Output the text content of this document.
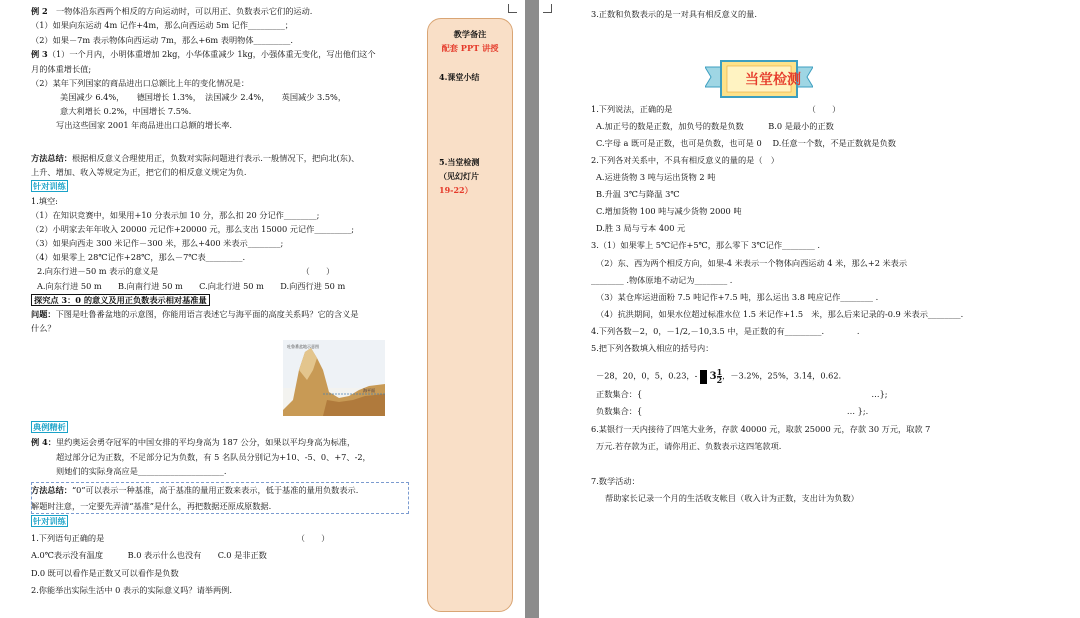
例 2　一物体沿东西两个相反的方向运动时，可以用正、负数表示它们的运动.
（1）如果向东运动 4m 记作+4m，那么向西运动 5m 记作_________；
（2）如果－7m 表示物体向西运动 7m，那么+6m 表明物体_________.
例 3（1）一个月内，小明体重增加 2kg，小华体重减少 1kg，小强体重无变化，写出他们这个
月的体重增长值;
（2）某年下列国家的商品进出口总额比上年的变化情况是：
美国减少 6.4%，　　德国增长 1.3%，　法国减少 2.4%，　　英国减少 3.5%，
意大利增长 0.2%，中国增长 7.5%.
写出这些国家 2001 年商品进出口总额的增长率.
方法总结：根据相反意义合理使用正，负数对实际问题进行表示.一般情况下，把向北(东)、
上升、增加、收入等规定为正，把它们的相反意义规定为负.
1.填空:
（1）在知识竞赛中，如果用+10 分表示加 10 分，那么扣 20 分记作________;
（2）小明家去年年收入 20000 元记作+20000 元，那么支出 15000 元记作_________;
（3）如果向西走 300 米记作－300 米，那么+400 米表示________;
（4）如果零上 28℃记作+28℃，那么－7℃表_________.
2.向东行进－50 m 表示的意义是　　　　　　　　　　　　　　　　　　（　　）
A.向东行进 50 m　　B.向南行进 50 m　　C.向北行进 50 m　　D.向西行进 50 m
问题：下图是吐鲁番盆地的示意图，你能用语言表述它与海平面的高度关系吗？它的含义是
什么？
例 4：里约奥运会勇夺冠军的中国女排的平均身高为 187 公分，如果以平均身高为标准，
超过部分记为正数，不足部分记为负数，有 5 名队员分别记为+10、-5、0、+7、-2，
则她们的实际身高应是_____________________.
方法总结：“0”可以表示一种基准，高于基准的量用正数来表示，低于基准的量用负数表示.
解题时注意，一定要先弄清“基准”是什么，再把数据还原成原数据.
1.下列语句正确的是　　　　　　　　　　　　　　　　　　　　　　　　（　　）
A.0℃表示没有温度　　　B.0 表示什么也没有　　C.0 是非正数
D.0 既可以看作是正数又可以看作是负数
2.你能举出实际生活中 0 表示的实际意义吗？请举两例.
针对训练
探究点 3：0 的意义及用正负数表示相对基准量
典例精析
针对训练
吐鲁番盆地示意图
海平面
教学备注
配套 PPT 讲授
4.课堂小结
5.当堂检测
（见幻灯片
19-22）
3.正数和负数表示的是一对具有相反意义的量.
1.下列说法，正确的是　　　　　　　　　　　　　　　　　（　　）
A.加正号的数是正数，加负号的数是负数　　　B.0 是最小的正数
C.字母 a 既可是正数，也可是负数，也可是 0　 D.任意一个数，不是正数就是负数
2.下列各对关系中，不具有相反意义的量的是（　）
A.运进货物 3 吨与运出货物 2 吨
B.升温 3℃与降温 3℃
C.增加货物 100 吨与减少货物 2000 吨
D.胜 3 局与亏本 400 元
3.（1）如果零上 5℃记作+5℃，那么零下 3℃记作________ .
（2）东、西为两个相反方向，如果-4 米表示一个物体向西运动 4 米，那么+2 米表示
________ .物体原地不动记为________ .
（3）某仓库运进面粉 7.5 吨记作+7.5 吨，那么运出 3.8 吨应记作________ .
（4）抗洪期间，如果水位超过标准水位 1.5 米记作+1.5　米，那么后来记录的-0.9 米表示________.
4.下列各数－2，0，－1/2,－10,3.5 中，是正数的有_________.　　　　.
5.把下列各数填入相应的括号内：
正数集合：{　　　　　　　　　　　　　　　　　　　　　　　　　　　　…};
负数集合：{　　　　　　　　　　　　　　　　　　　　　　　　　… };.
6.某银行一天内接待了四笔大业务，存款 40000 元，取款 25000 元，存款 30 万元，取款 7
万元.若存款为正，请你用正、负数表示这四笔款项.
7.数学活动：
帮助家长记录一个月的生活收支帐目（收入计为正数，支出计为负数）
－28，20，0，5，0.23，- $3\frac{1}{2}$，－3.2%，25%，3.14，0.62.
当堂检测
